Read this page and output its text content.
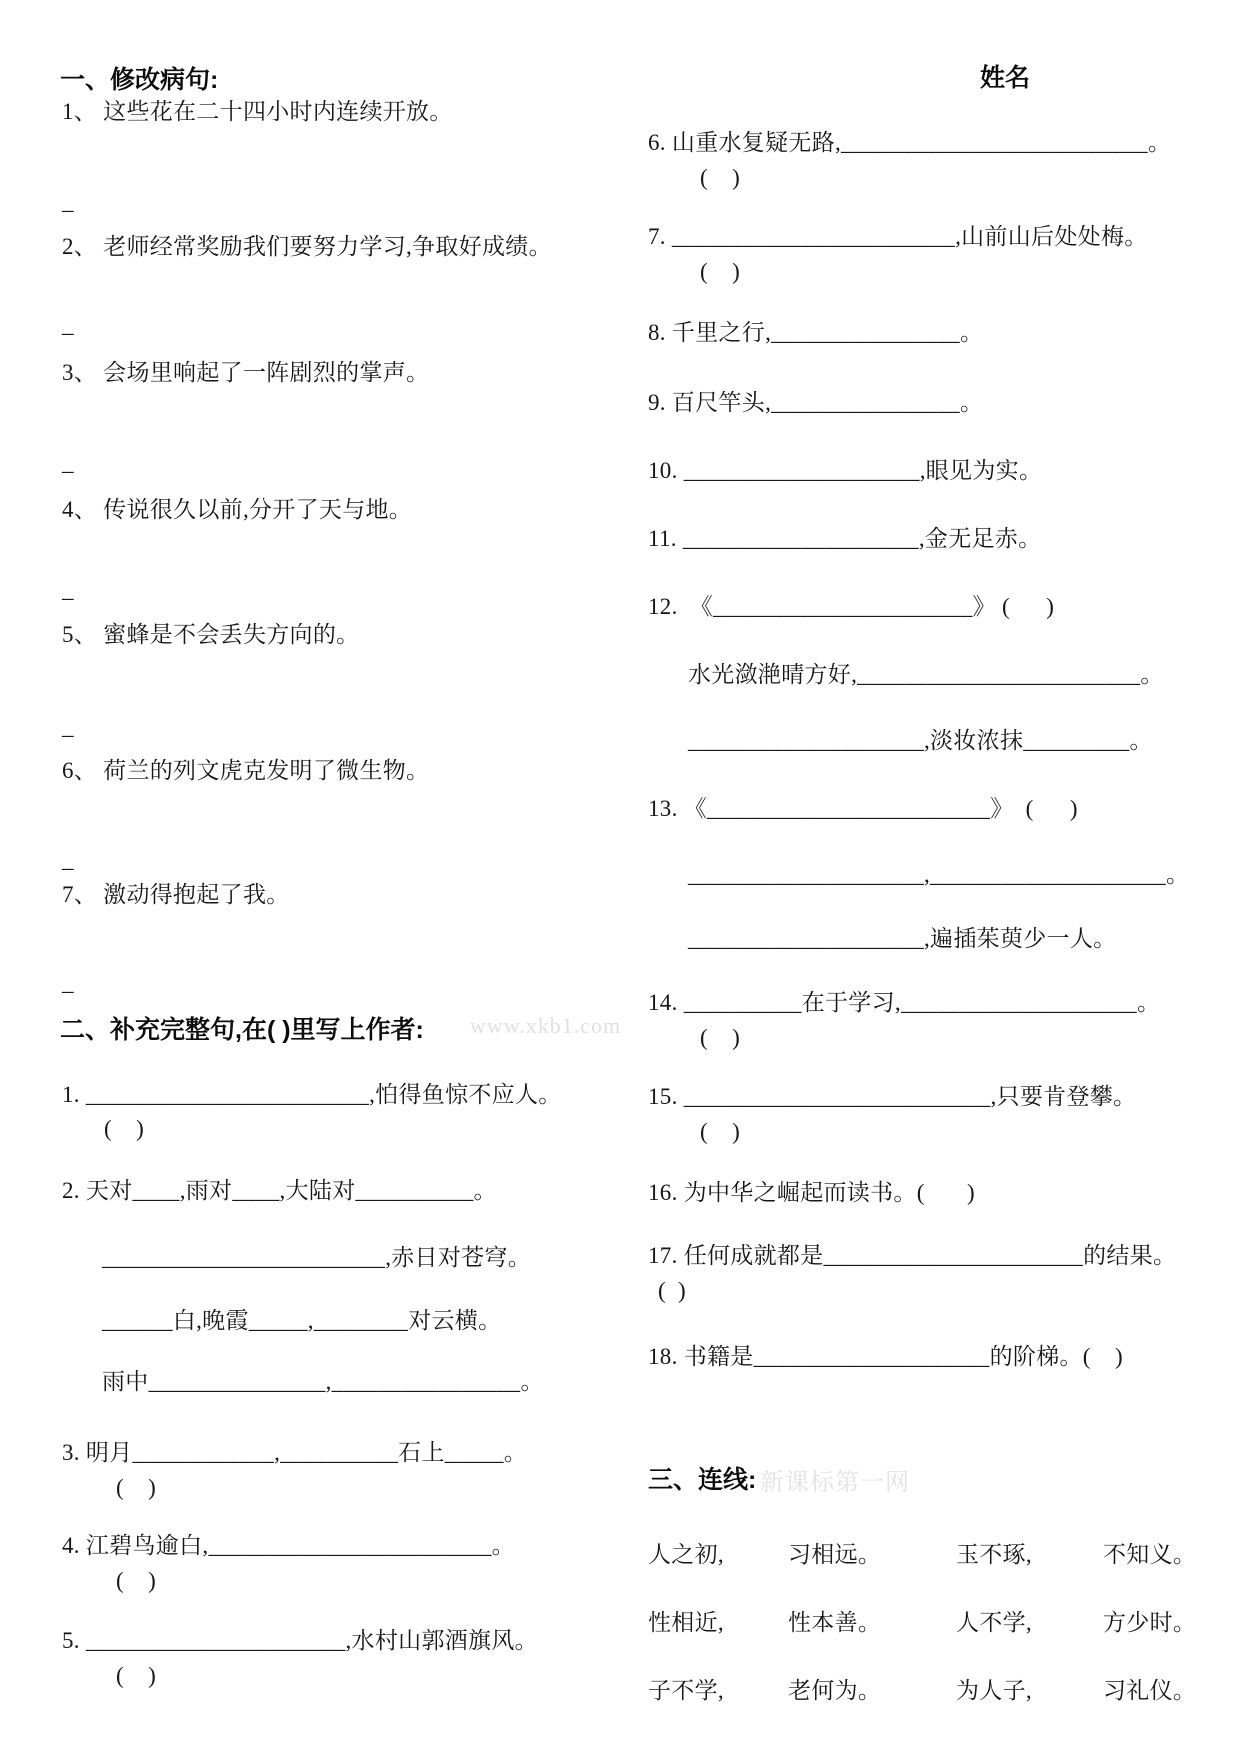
姓名
一、修改病句:
1、 这些花在二十四小时内连续开放。
_
2、 老师经常奖励我们要努力学习,争取好成绩。
_
3、 会场里响起了一阵剧烈的掌声。
_
4、 传说很久以前,分开了天与地。
_
5、 蜜蜂是不会丢失方向的。
_
6、 荷兰的列文虎克发明了微生物。
_
7、 激动得抱起了我。
_
二、补充完整句,在( )里写上作者: www.xkb1.com
1. ________________________,怕得鱼惊不应人。
(    )
2. 天对____,雨对____,大陆对__________。
________________________,赤日对苍穹。
______白,晚霞_____,________对云横。
雨中_______________,________________。
3. 明月____________,__________石上_____。
(    )
4. 江碧鸟逾白,________________________。
(    )
5. ______________________,水村山郭酒旗风。
(    )
6. 山重水复疑无路,__________________________。
(    )
7. ________________________,山前山后处处梅。
(    )
8. 千里之行,________________。
9. 百尺竿头,________________。
10. ____________________,眼见为实。
11. ____________________,金无足赤。
12.  《______________________》 (      )
水光潋滟晴方好,________________________。
____________________,淡妆浓抹_________。
13. 《________________________》  (      )
____________________,____________________。
____________________,遍插茱萸少一人。
14. __________在于学习,____________________。
(    )
15. __________________________,只要肯登攀。
(    )
16. 为中华之崛起而读书。(       )
17. 任何成就都是______________________的结果。
(  )
18. 书籍是____________________的阶梯。(    )
三、连线: 新课标第一网
人之初,	习相远。	玉不琢,	不知义。
性相近,	性本善。	人不学,	方少时。
子不学,	老何为。	为人子,	习礼仪。
